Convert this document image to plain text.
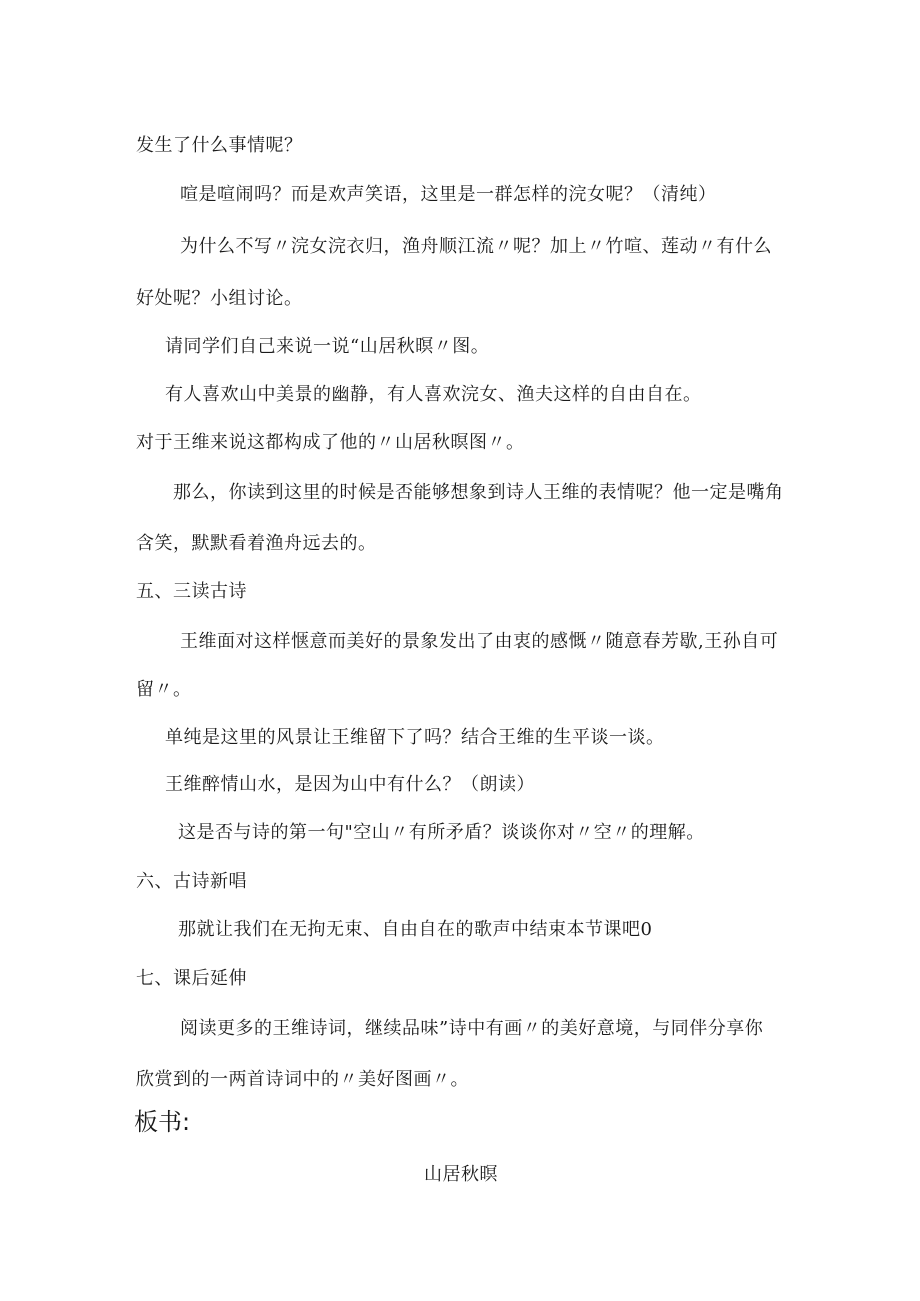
发生了什么事情呢？
喧是喧闹吗？而是欢声笑语，这里是一群怎样的浣女呢？（清纯）
为什么不写〃浣女浣衣归，渔舟顺江流〃呢？加上〃竹喧、莲动〃有什么
好处呢？小组讨论。
请同学们自己来说一说“山居秋暝〃图。
有人喜欢山中美景的幽静，有人喜欢浣女、渔夫这样的自由自在。
对于王维来说这都构成了他的〃山居秋暝图〃。
那么，你读到这里的时候是否能够想象到诗人王维的表情呢？他一定是嘴角
含笑，默默看着渔舟远去的。
五、三读古诗
王维面对这样惬意而美好的景象发出了由衷的感慨〃随意春芳歇,王孙自可
留〃。
单纯是这里的风景让王维留下了吗？结合王维的生平谈一谈。
王维醉情山水，是因为山中有什么？（朗读）
这是否与诗的第一句"空山〃有所矛盾？谈谈你对〃空〃的理解。
六、古诗新唱
那就让我们在无拘无束、自由自在的歌声中结束本节课吧0
七、课后延伸
阅读更多的王维诗词，继续品味”诗中有画〃的美好意境，与同伴分享你
欣赏到的一两首诗词中的〃美好图画〃。
板书:
山居秋暝
